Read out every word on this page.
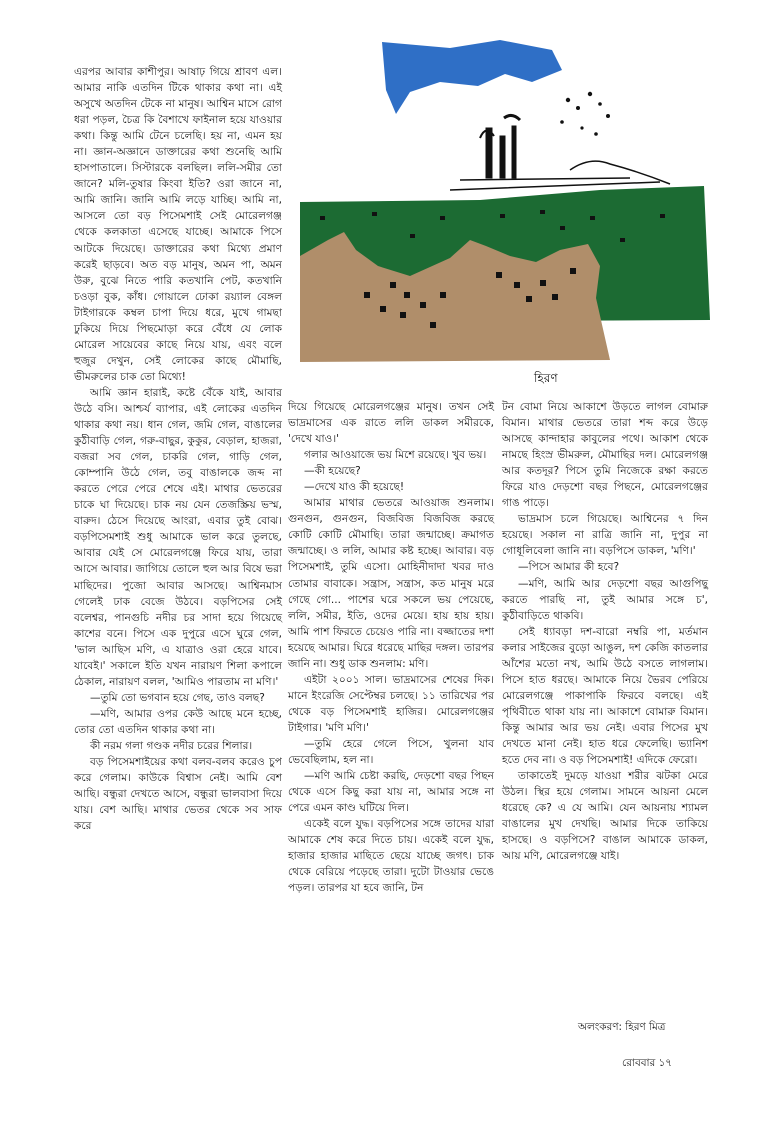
এরপর আবার কাশীপুর। আষাঢ় গিয়ে শ্রাবণ এল। আমার নাকি এতদিন টিকে থাকার কথা না। এই অসুখে অতদিন টেকে না মানুষ। আশ্বিন মাসে রোগ ধরা পড়ল, চৈত্র কি বৈশাখে ফাইনাল হয়ে যাওয়ার কথা। কিন্তু আমি টেনে চলেছি। হয় না, এমন হয় না। জ্ঞান-অজ্ঞানে ডাক্তারের কথা শুনেছি আমি হাসপাতালে। সিস্টারকে বলছিল। ললি-সমীর তো জানে? মলি-তুষার কিংবা ইতি? ওরা জানে না, আমি জানি। জানি আমি লড়ে যাচ্ছি। আমি না, আসলে তো বড় পিসেমশাই সেই মোরেলগঞ্জ থেকে কলকাতা এসেছে যাচ্ছে। আমাকে পিসে আটকে দিয়েছে। ডাক্তারের কথা মিথ্যে প্রমাণ করেই ছাড়বে। অত বড় মানুষ, অমন পা, অমন উরু, বুঝে নিতে পারি কতখানি পেট, কতখানি চওড়া বুক, কাঁধ। গোয়ালে ঢোকা রয়্যাল বেঙ্গল টাইগারকে কম্বল চাপা দিয়ে ধরে, মুখে গামছা ঢুকিয়ে দিয়ে পিছমোড়া করে বেঁধে যে লোক মোরেল সায়েবের কাছে নিয়ে যায়, এবং বলে হুজুর দেখুন, সেই লোকের কাছে মৌমাছি, ভীমরুলের চাক তো মিথ্যে!

আমি জ্ঞান হারাই, কষ্টে বেঁকে যাই, আবার উঠে বসি। আশ্চর্য ব্যাপার, এই লোকের এতদিন থাকার কথা নয়। ধান গেল, জমি গেল, বাঙালের কুঠীবাড়ি গেল, গরু-বাছুর, কুকুর, বেড়াল, হাজরা, বজরা সব গেল, চাকরি গেল, গাড়ি গেল, কোম্পানি উঠে গেল, তবু বাঙালকে জব্দ না করতে পেরে পেরে শেষে এই। মাথার ভেতরের চাকে ঘা দিয়েছে। চাক নয় যেন তেজস্ক্রিয় ভস্ম, বারুদ। ঠেসে দিয়েছে আংরা, এবার তুই বোঝ। বড়পিসেমশাই শুধু আমাকে ভাল করে তুলছে, আবার যেই সে মোরেলগঞ্জে ফিরে যায়, তারা আসে আবার। জাগিয়ে তোলে হুল আর বিষে ভরা মাছিদের। পুজো আবার আসছে। আশ্বিনমাস গেলেই ঢাক বেজে উঠবে। বড়পিসের সেই বলেশ্বর, পানগুচি নদীর চর সাদা হয়ে গিয়েছে কাশের বনে। পিসে এক দুপুরে এসে ঘুরে গেল, 'ভাল আছিস মণি, এ যাত্রাও ওরা হেরে যাবে। যাবেই।' সকালে ইতি যখন নারায়ণ শিলা কপালে ঠেকাল, নারায়ণ বলল, 'আমিও পারতাম না মণি।'

—তুমি তো ভগবান হয়ে গেছ, তাও বলছ?

—মণি, আমার ওপর কেউ আছে মনে হচ্ছে, তোর তো এতদিন থাকার কথা না।

কী নরম গলা গণ্ডক নদীর চরের শিলার।

বড় পিসেমশাইয়ের কথা বলব-বলব করেও চুপ করে গেলাম। কাউকে বিশ্বাস নেই। আমি বেশ আছি। বন্ধুরা দেখতে আসে, বন্ধুরা ভালবাসা দিয়ে যায়। বেশ আছি। মাথার ভেতর থেকে সব সাফ করে

হিরণ

দিয়ে গিয়েছে মোরেলগঞ্জের মানুষ। তখন সেই ভাদ্রমাসের এক রাতে ললি ডাকল সমীরকে, 'দেখে যাও।'

গলার আওয়াজে ভয় মিশে রয়েছে। খুব ভয়।

—কী হয়েছে?

—দেখে যাও কী হয়েছে!

আমার মাথার ভেতরে আওয়াজ শুনলাম। গুনগুন, গুনগুন, বিজবিজ বিজবিজ করছে কোটি কোটি মৌমাছি। তারা জন্মাচ্ছে। ক্রমাগত জন্মাচ্ছে। ও ললি, আমার কষ্ট হচ্ছে। আবার। বড় পিসেমশাই, তুমি এসো। মোহিনীদাদা খবর দাও তোমার বাবাকে। সন্ত্রাস, সন্ত্রাস, কত মানুষ মরে গেছে গো... পাশের ঘরে সকলে ভয় পেয়েছে, ললি, সমীর, ইতি, ওদের মেয়ে। হায় হায় হায়। আমি পাশ ফিরতে চেয়েও পারি না। বজ্জাতের দশা হয়েছে আমার। ঘিরে ধরেছে মাছির দঙ্গল। তারপর জানি না। শুধু ডাক শুনলাম: মণি।

এইটা ২০০১ সাল। ভাদ্রমাসের শেষের দিক। মানে ইংরেজি সেপ্টেম্বর চলছে। ১১ তারিখের পর থেকে বড় পিসেমশাই হাজির। মোরেলগঞ্জের টাইগার। 'মণি মণি।'

—তুমি হেরে গেলে পিসে, খুলনা যাব ভেবেছিলাম, হল না।

—মণি আমি চেষ্টা করছি, দেড়শো বছর পিছন থেকে এসে কিছু করা যায় না, আমার সঙ্গে না পেরে এমন কাণ্ড ঘটিয়ে দিল।

একেই বলে যুদ্ধ। বড়পিসের সঙ্গে তাদের যারা আমাকে শেষ করে দিতে চায়। একেই বলে যুদ্ধ, হাজার হাজার মাছিতে ছেয়ে যাচ্ছে জগৎ। চাক থেকে বেরিয়ে পড়েছে তারা। দুটো টাওয়ার ভেঙে পড়ল। তারপর যা হবে জানি, টন

টন বোমা নিয়ে আকাশে উড়তে লাগল বোমারু বিমান। মাথার ভেতরে তারা শব্দ করে উড়ে আসছে কান্দাহার কাবুলের পথে। আকাশ থেকে নামছে হিংস্র ভীমরুল, মৌমাছির দল। মোরেলগঞ্জ আর কতদূর? পিসে তুমি নিজেকে রক্ষা করতে ফিরে যাও দেড়শো বছর পিছনে, মোরেলগঞ্জের গাঙ পাড়ে।

ভাদ্রমাস চলে গিয়েছে। আশ্বিনের ৭ দিন হয়েছে। সকাল না রাত্রি জানি না, দুপুর না গোধূলিবেলা জানি না। বড়পিসে ডাকল, 'মণি।'

—পিসে আমার কী হবে?

—মণি, আমি আর দেড়শো বছর আগুপিছু করতে পারছি না, তুই আমার সঙ্গে চ', কুঠীবাড়িতে থাকবি।

সেই ধ্যাবড়া দশ-বারো নম্বরি পা, মর্তমান কলার সাইজের বুড়ো আঙুল, দশ কেজি কাতলার আঁশের মতো নখ, আমি উঠে বসতে লাগলাম। পিসে হাত ধরছে। আমাকে নিয়ে ভৈরব পেরিয়ে মোরেলগঞ্জে পাকাপাকি ফিরবে বলছে। এই পৃথিবীতে থাকা যায় না। আকাশে বোমারু বিমান। কিন্তু আমার আর ভয় নেই। এবার পিসের মুখ দেখতে মানা নেই। হাত ধরে ফেলেছি। ভ্যানিশ হতে দেব না। ও বড় পিসেমশাই! এদিকে ফেরো।

তাকাতেই দুমড়ে যাওয়া শরীর ঝটকা মেরে উঠল। স্থির হয়ে গেলাম। সামনে আয়না মেলে ধরেছে কে? এ যে আমি। যেন আয়নায় শ্যামল বাঙালের মুখ দেখছি। আমার দিকে তাকিয়ে হাসছে। ও বড়পিসে? বাঙাল আমাকে ডাকল, আয় মণি, মোরেলগঞ্জে যাই।

অলংকরণ: হিরণ মিত্র
রোববার ১৭
